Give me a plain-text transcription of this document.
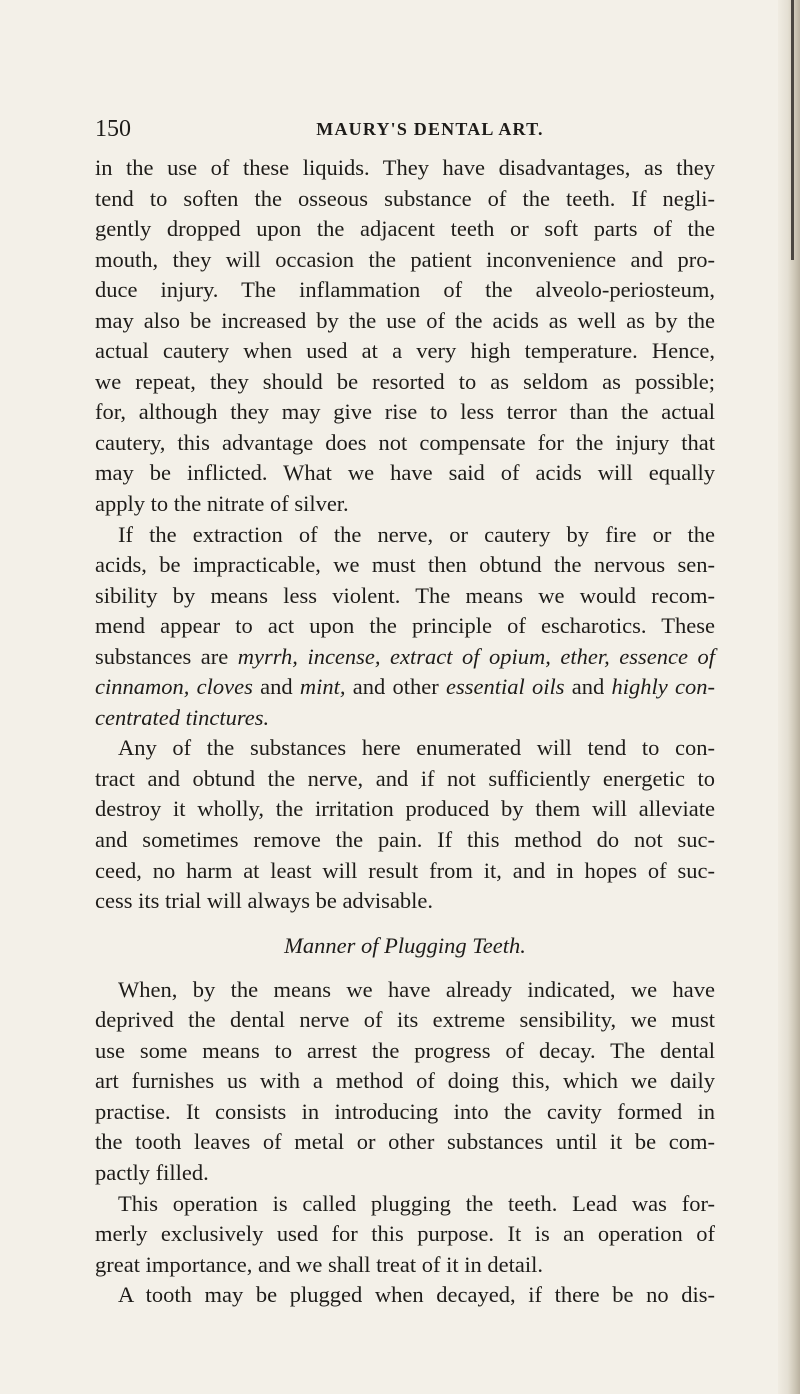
150	MAURY'S DENTAL ART.

in the use of these liquids. They have disadvantages, as they
tend to soften the osseous substance of the teeth. If negli-
gently dropped upon the adjacent teeth or soft parts of the
mouth, they will occasion the patient inconvenience and pro-
duce injury. The inflammation of the alveolo-periosteum,
may also be increased by the use of the acids as well as by the
actual cautery when used at a very high temperature. Hence,
we repeat, they should be resorted to as seldom as possible;
for, although they may give rise to less terror than the actual
cautery, this advantage does not compensate for the injury that
may be inflicted. What we have said of acids will equally
apply to the nitrate of silver.

If the extraction of the nerve, or cautery by fire or the
acids, be impracticable, we must then obtund the nervous sen-
sibility by means less violent. The means we would recom-
mend appear to act upon the principle of escharotics. These
substances are myrrh, incense, extract of opium, ether, essence of
cinnamon, cloves and mint, and other essential oils and highly con-
centrated tinctures.

Any of the substances here enumerated will tend to con-
tract and obtund the nerve, and if not sufficiently energetic to
destroy it wholly, the irritation produced by them will alleviate
and sometimes remove the pain. If this method do not suc-
ceed, no harm at least will result from it, and in hopes of suc-
cess its trial will always be advisable.

Manner of Plugging Teeth.

When, by the means we have already indicated, we have
deprived the dental nerve of its extreme sensibility, we must
use some means to arrest the progress of decay. The dental
art furnishes us with a method of doing this, which we daily
practise. It consists in introducing into the cavity formed in
the tooth leaves of metal or other substances until it be com-
pactly filled.

This operation is called plugging the teeth. Lead was for-
merly exclusively used for this purpose. It is an operation of
great importance, and we shall treat of it in detail.

A tooth may be plugged when decayed, if there be no dis-
